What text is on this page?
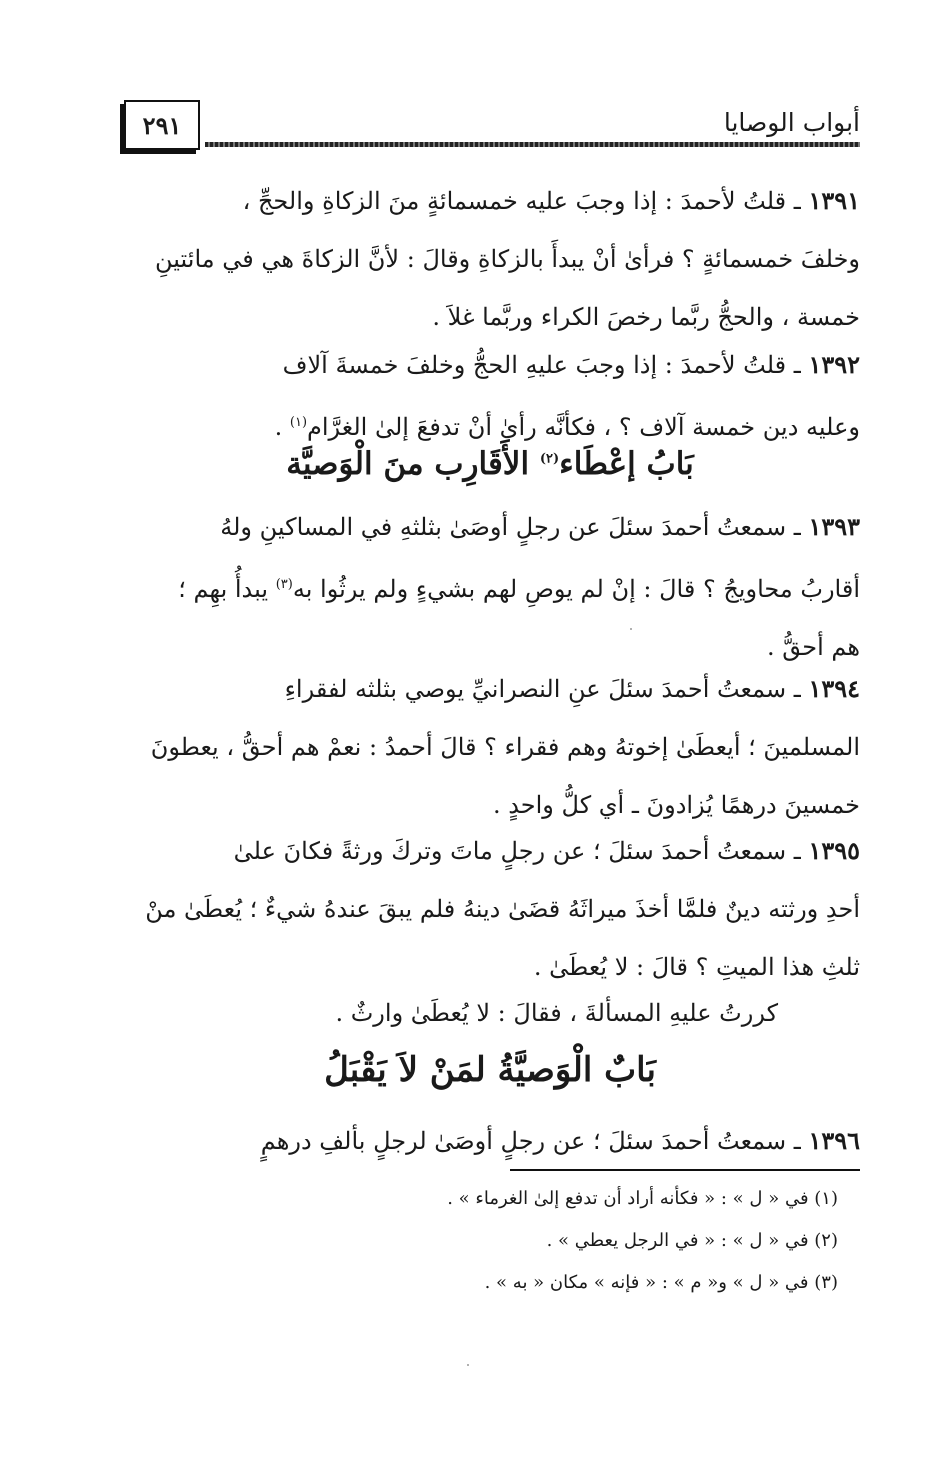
أبواب الوصايا
٢٩١
١٣٩١ ـ قلتُ لأحمدَ : إذا وجبَ عليه خمسمائةٍ منَ الزكاةِ والحجِّ ،
وخلفَ خمسمائةٍ ؟ فرأىٰ أنْ يبدأَ بالزكاةِ وقالَ : لأنَّ الزكاةَ هي في مائتينِ
خمسة ، والحجُّ ربَّما رخصَ الكراء وربَّما غلاَ .
١٣٩٢ ـ قلتُ لأحمدَ : إذا وجبَ عليهِ الحجُّ وخلفَ خمسةَ آلاف
وعليه دين خمسة آلاف ؟ ، فكأنَّه رأىٰ أنْ تدفعَ إلىٰ الغرَّام$^{(١)}$ .
بَابُ إعْطَاء$^{(٢)}$ الأَقَارِب منَ الْوَصيَّة
١٣٩٣ ـ سمعتُ أحمدَ سئلَ عن رجلٍ أوصَىٰ بثلثهِ في المساكينِ ولهُ
أقاربُ محاويجُ ؟ قالَ : إنْ لم يوصِ لهم بشيءٍ ولم يرثُوا به$^{(٣)}$ يبدأُ بهِم ؛
هم أحقُّ .
١٣٩٤ ـ سمعتُ أحمدَ سئلَ عنِ النصرانيِّ يوصي بثلثه لفقراءِ
المسلمينَ ؛ أيعطَىٰ إخوتهُ وهم فقراء ؟ قالَ أحمدُ : نعمْ هم أحقُّ ، يعطونَ
خمسينَ درهمًا يُزادونَ ـ أي كلُّ واحدٍ .
١٣٩٥ ـ سمعتُ أحمدَ سئلَ ؛ عن رجلٍ ماتَ وتركَ ورثةً فكانَ علىٰ
أحدِ ورثته دينٌ فلمَّا أخذَ ميراثَهُ قضَىٰ دينهُ فلم يبقَ عندهُ شيءٌ ؛ يُعطَىٰ منْ
ثلثِ هذا الميتِ ؟ قالَ : لا يُعطَىٰ .
كررتُ عليهِ المسألةَ ، فقالَ : لا يُعطَىٰ وارثٌ .
بَابٌ الْوَصيَّةُ لمَنْ لاَ يَقْبَلُ
١٣٩٦ ـ سمعتُ أحمدَ سئلَ ؛ عن رجلٍ أوصَىٰ لرجلٍ بألفِ درهمٍ
(١) في « ل » : « فكأنه أراد أن تدفع إلىٰ الغرماء » .
(٢) في « ل » : « في الرجل يعطي » .
(٣) في « ل » و« م » : « فإنه » مكان « به » .
